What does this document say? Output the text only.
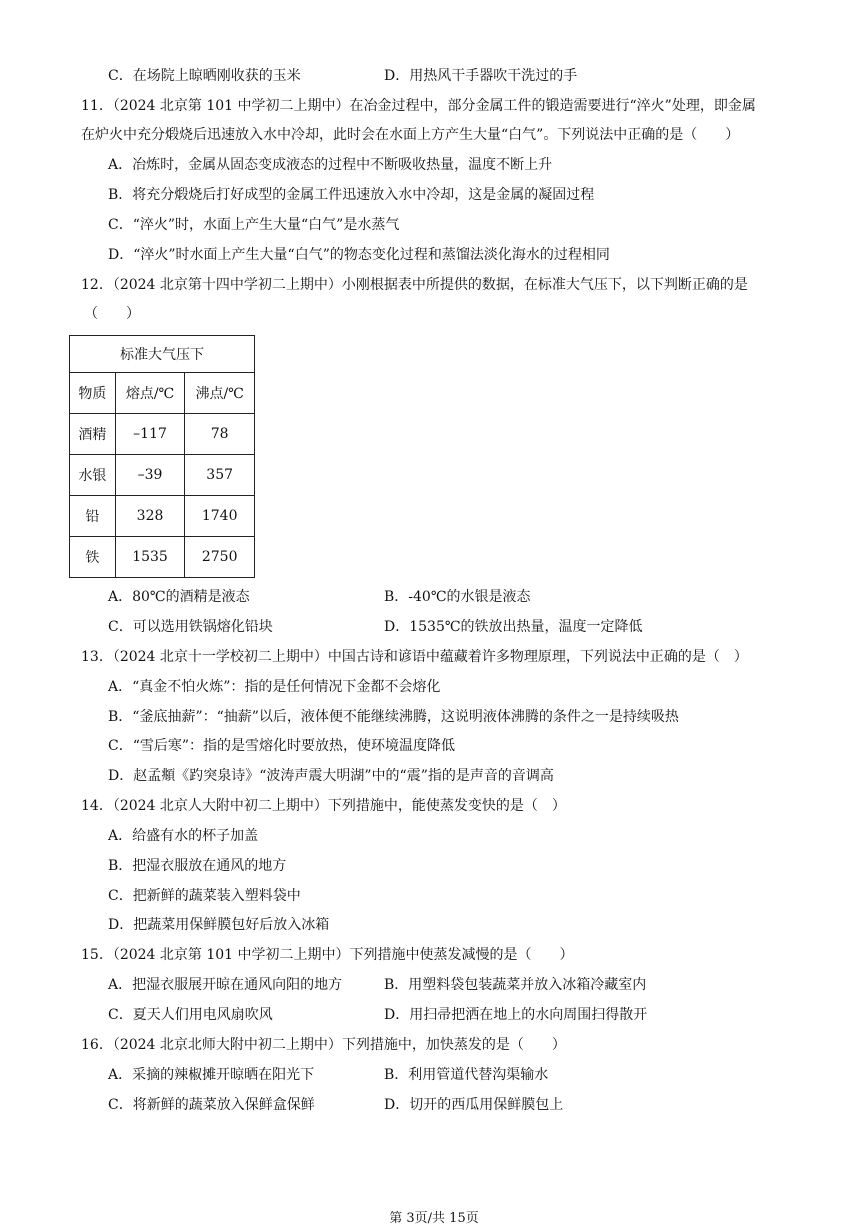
C．在场院上晾晒刚收获的玉米	D．用热风干手器吹干洗过的手
11．（2024 北京第 101 中学初二上期中）在冶金过程中，部分金属工件的锻造需要进行“淬火”处理，即金属
在炉火中充分煅烧后迅速放入水中冷却，此时会在水面上方产生大量“白气”。下列说法中正确的是（　　）
A．冶炼时，金属从固态变成液态的过程中不断吸收热量，温度不断上升
B．将充分煅烧后打好成型的金属工件迅速放入水中冷却，这是金属的凝固过程
C．“淬火”时，水面上产生大量“白气”是水蒸气
D．“淬火”时水面上产生大量“白气”的物态变化过程和蒸馏法淡化海水的过程相同
12．（2024 北京第十四中学初二上期中）小刚根据表中所提供的数据，在标准大气压下，以下判断正确的是
（　　）
标准大气压下		
物质	熔点/℃	沸点/℃
酒精	–117	78
水银	–39	357
铅	328	1740
铁	1535	2750
A．80℃的酒精是液态	B．-40℃的水银是液态
C．可以选用铁锅熔化铅块	D．1535℃的铁放出热量，温度一定降低
13．（2024 北京十一学校初二上期中）中国古诗和谚语中蕴藏着许多物理原理，下列说法中正确的是（　）
A．“真金不怕火炼”：指的是任何情况下金都不会熔化
B．“釜底抽薪”：“抽薪”以后，液体便不能继续沸腾，这说明液体沸腾的条件之一是持续吸热
C．“雪后寒”：指的是雪熔化时要放热，使环境温度降低
D．赵孟頫《趵突泉诗》“波涛声震大明湖”中的“震”指的是声音的音调高
14．（2024 北京人大附中初二上期中）下列措施中，能使蒸发变快的是（　）
A．给盛有水的杯子加盖
B．把湿衣服放在通风的地方
C．把新鲜的蔬菜装入塑料袋中
D．把蔬菜用保鲜膜包好后放入冰箱
15．（2024 北京第 101 中学初二上期中）下列措施中使蒸发减慢的是（　　）
A．把湿衣服展开晾在通风向阳的地方	B．用塑料袋包装蔬菜并放入冰箱冷藏室内
C．夏天人们用电风扇吹风	D．用扫帚把洒在地上的水向周围扫得散开
16．（2024 北京北师大附中初二上期中）下列措施中，加快蒸发的是（　　）
A．采摘的辣椒摊开晾晒在阳光下	B．利用管道代替沟渠输水
C．将新鲜的蔬菜放入保鲜盒保鲜	D．切开的西瓜用保鲜膜包上
第 3页/共 15页
